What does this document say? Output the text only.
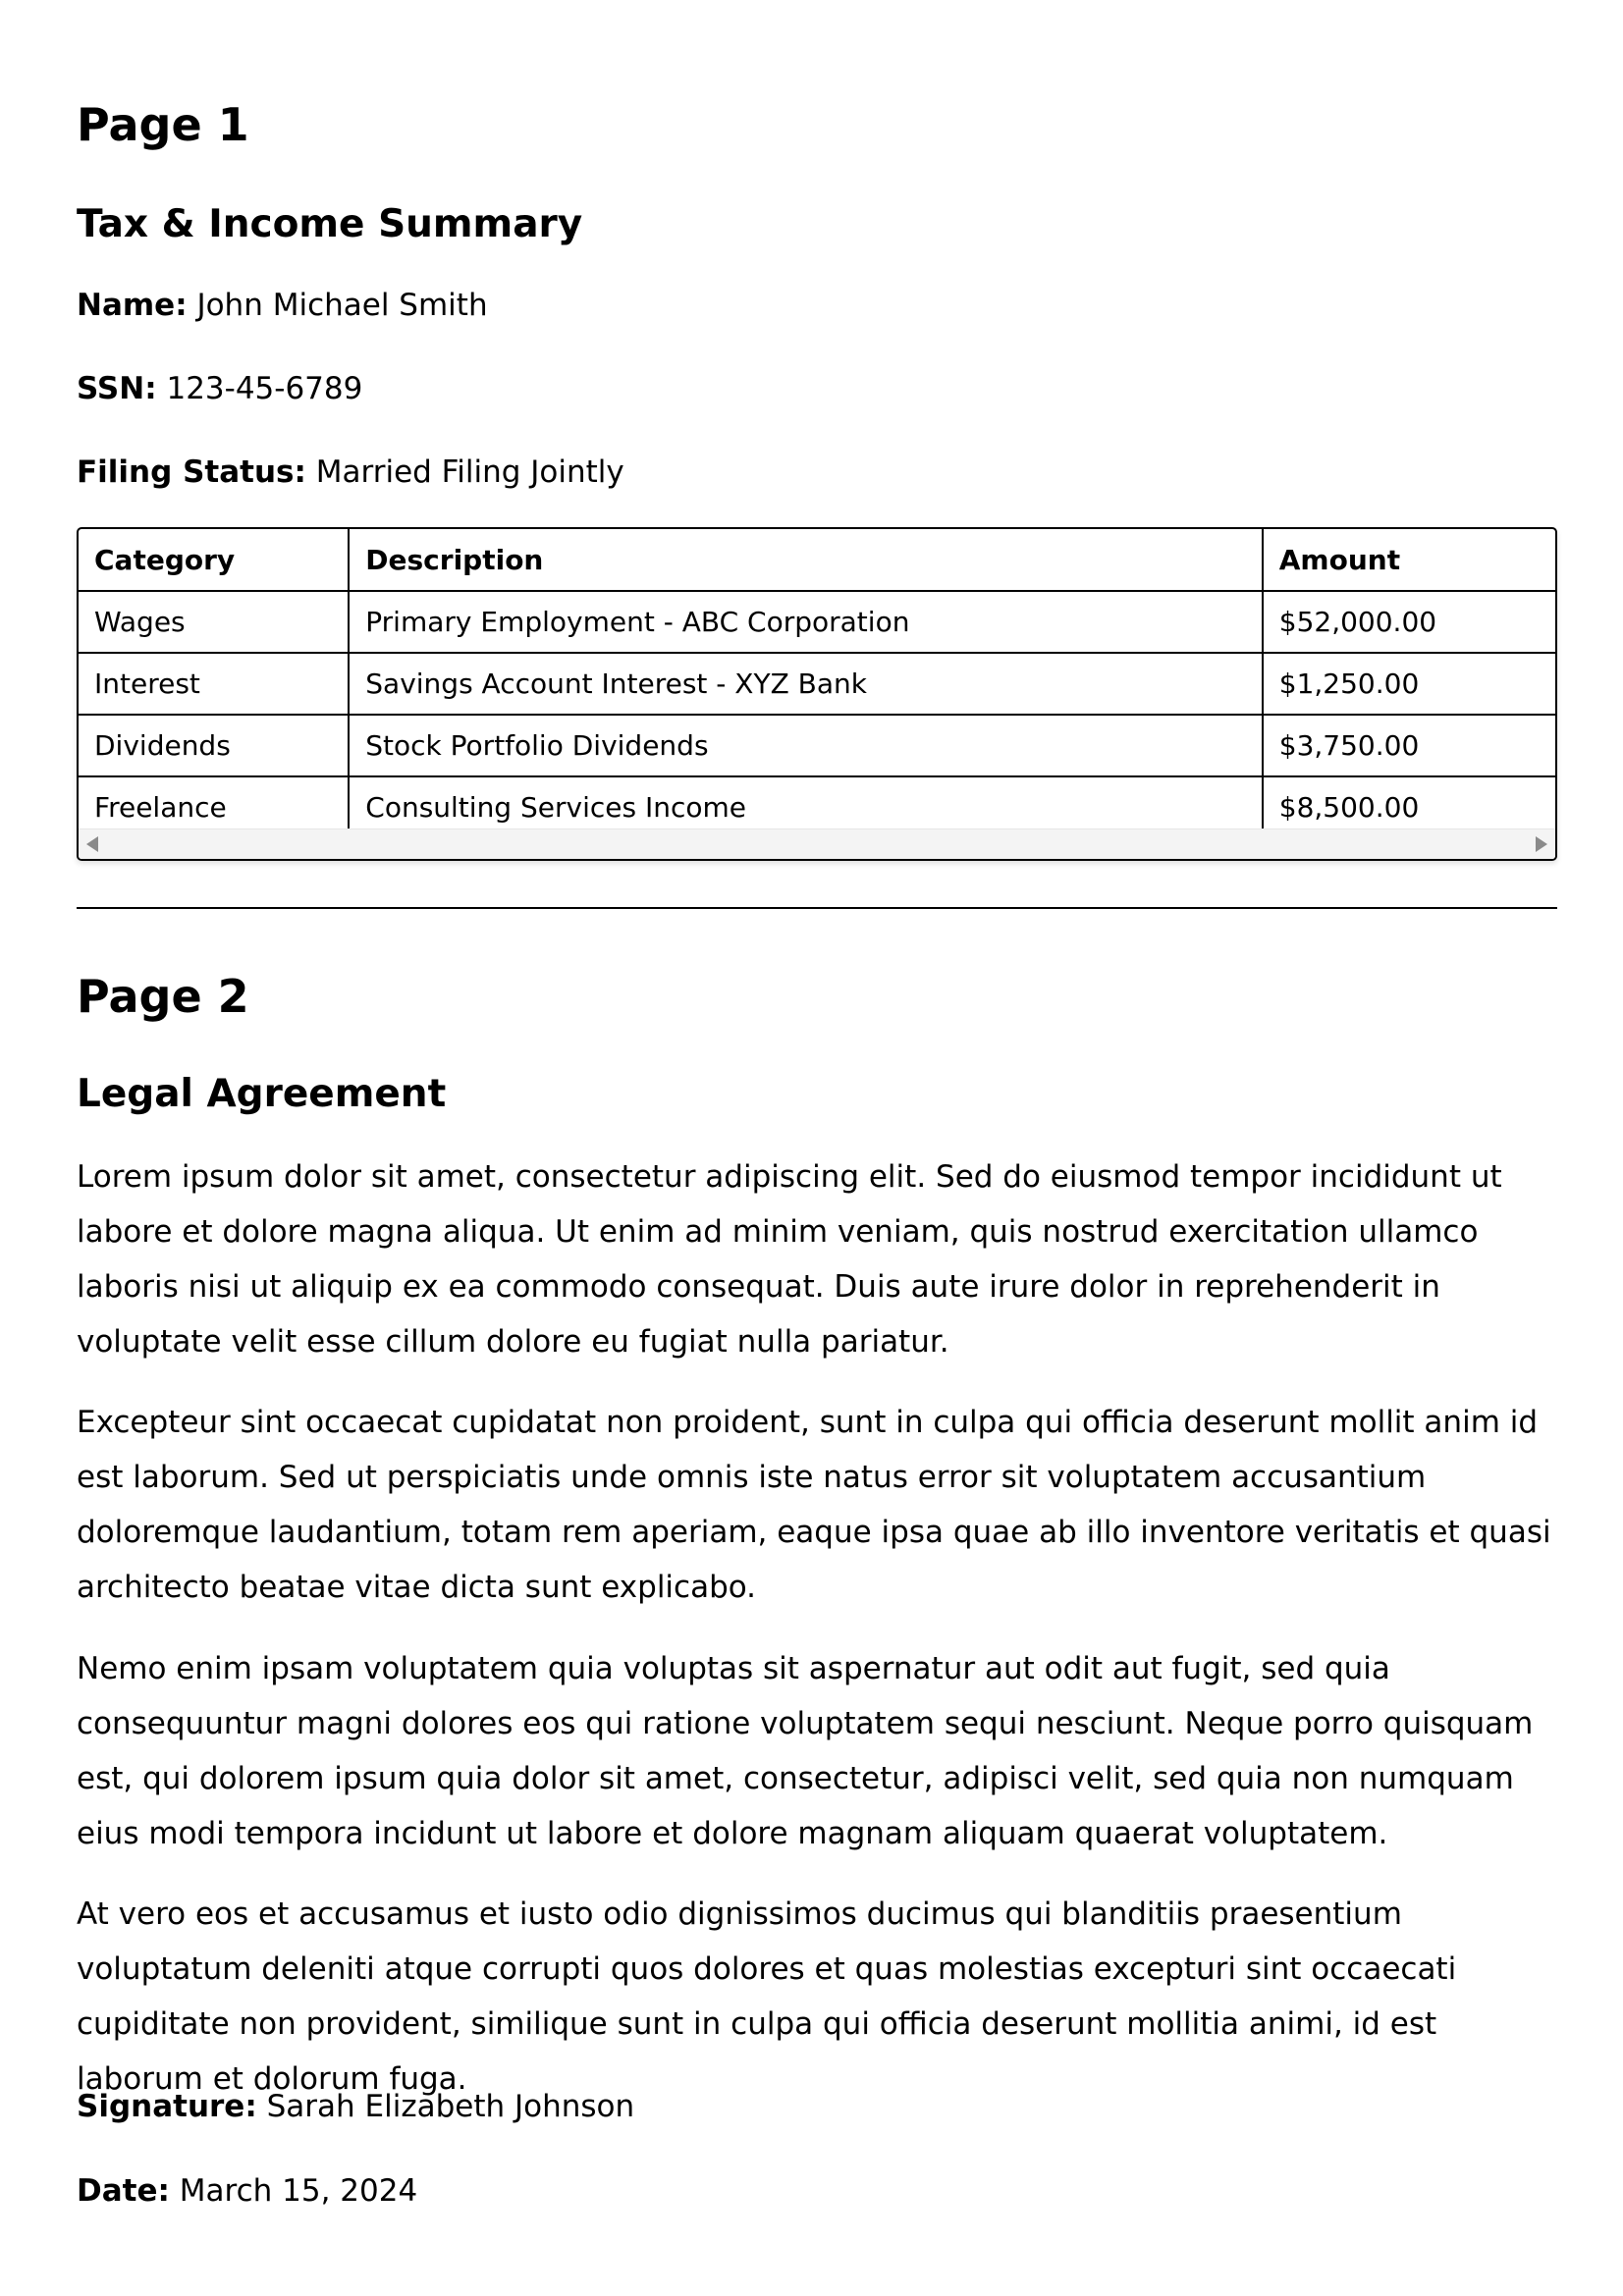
Page 1
Tax & Income Summary

Name: John Michael Smith

SSN: 123-45-6789

Filing Status: Married Filing Jointly

Category	Description	Amount
Wages	Primary Employment - ABC Corporation	$52,000.00
Interest	Savings Account Interest - XYZ Bank	$1,250.00
Dividends	Stock Portfolio Dividends	$3,750.00
Freelance	Consulting Services Income	$8,500.00
Page 2
Legal Agreement

Lorem ipsum dolor sit amet, consectetur adipiscing elit. Sed do eiusmod tempor incididunt ut labore et dolore magna aliqua. Ut enim ad minim veniam, quis nostrud exercitation ullamco laboris nisi ut aliquip ex ea commodo consequat. Duis aute irure dolor in reprehenderit in voluptate velit esse cillum dolore eu fugiat nulla pariatur.

Excepteur sint occaecat cupidatat non proident, sunt in culpa qui officia deserunt mollit anim id est laborum. Sed ut perspiciatis unde omnis iste natus error sit voluptatem accusantium doloremque laudantium, totam rem aperiam, eaque ipsa quae ab illo inventore veritatis et quasi architecto beatae vitae dicta sunt explicabo.

Nemo enim ipsam voluptatem quia voluptas sit aspernatur aut odit aut fugit, sed quia consequuntur magni dolores eos qui ratione voluptatem sequi nesciunt. Neque porro quisquam est, qui dolorem ipsum quia dolor sit amet, consectetur, adipisci velit, sed quia non numquam eius modi tempora incidunt ut labore et dolore magnam aliquam quaerat voluptatem.

At vero eos et accusamus et iusto odio dignissimos ducimus qui blanditiis praesentium voluptatum deleniti atque corrupti quos dolores et quas molestias excepturi sint occaecati cupiditate non provident, similique sunt in culpa qui officia deserunt mollitia animi, id est laborum et dolorum fuga.

Signature: Sarah Elizabeth Johnson

Date: March 15, 2024
